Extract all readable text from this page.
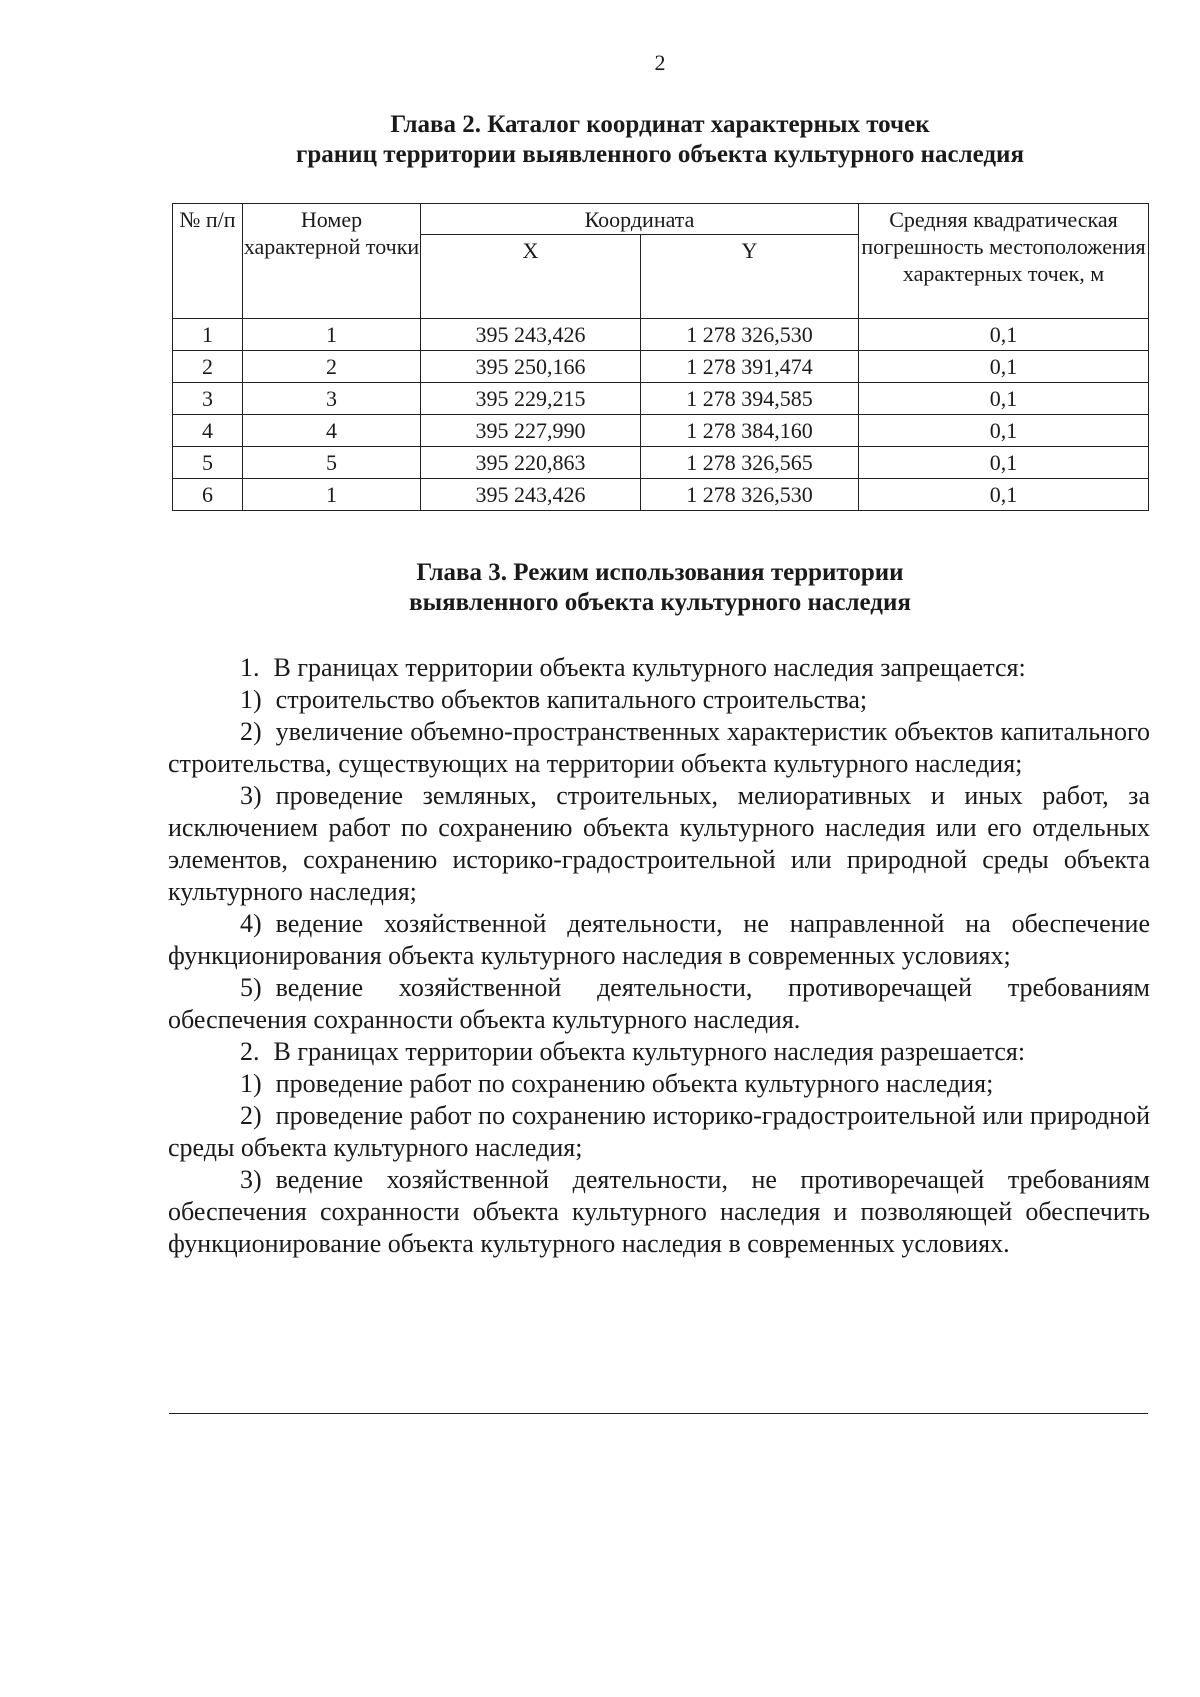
2
Глава 2. Каталог координат характерных точек
границ территории выявленного объекта культурного наследия
№ п/п	Номер характерной точки	Координата		Средняя квадратическая погрешность местоположения характерных точек, м
		X	Y	
1	1	395 243,426	1 278 326,530	0,1
2	2	395 250,166	1 278 391,474	0,1
3	3	395 229,215	1 278 394,585	0,1
4	4	395 227,990	1 278 384,160	0,1
5	5	395 220,863	1 278 326,565	0,1
6	1	395 243,426	1 278 326,530	0,1
Глава 3. Режим использования территории
выявленного объекта культурного наследия

1. В границах территории объекта культурного наследия запрещается:

1) строительство объектов капитального строительства;

2) увеличение объемно-пространственных характеристик объектов капитального строительства, существующих на территории объекта культурного наследия;

3) проведение земляных, строительных, мелиоративных и иных работ, за исключением работ по сохранению объекта культурного наследия или его отдельных элементов, сохранению историко-градостроительной или природной среды объекта культурного наследия;

4) ведение хозяйственной деятельности, не направленной на обеспечение функционирования объекта культурного наследия в современных условиях;

5) ведение хозяйственной деятельности, противоречащей требованиям обеспечения сохранности объекта культурного наследия.

2. В границах территории объекта культурного наследия разрешается:

1) проведение работ по сохранению объекта культурного наследия;

2) проведение работ по сохранению историко-градостроительной или природной среды объекта культурного наследия;

3) ведение хозяйственной деятельности, не противоречащей требованиям обеспечения сохранности объекта культурного наследия и позволяющей обеспечить функционирование объекта культурного наследия в современных условиях.
